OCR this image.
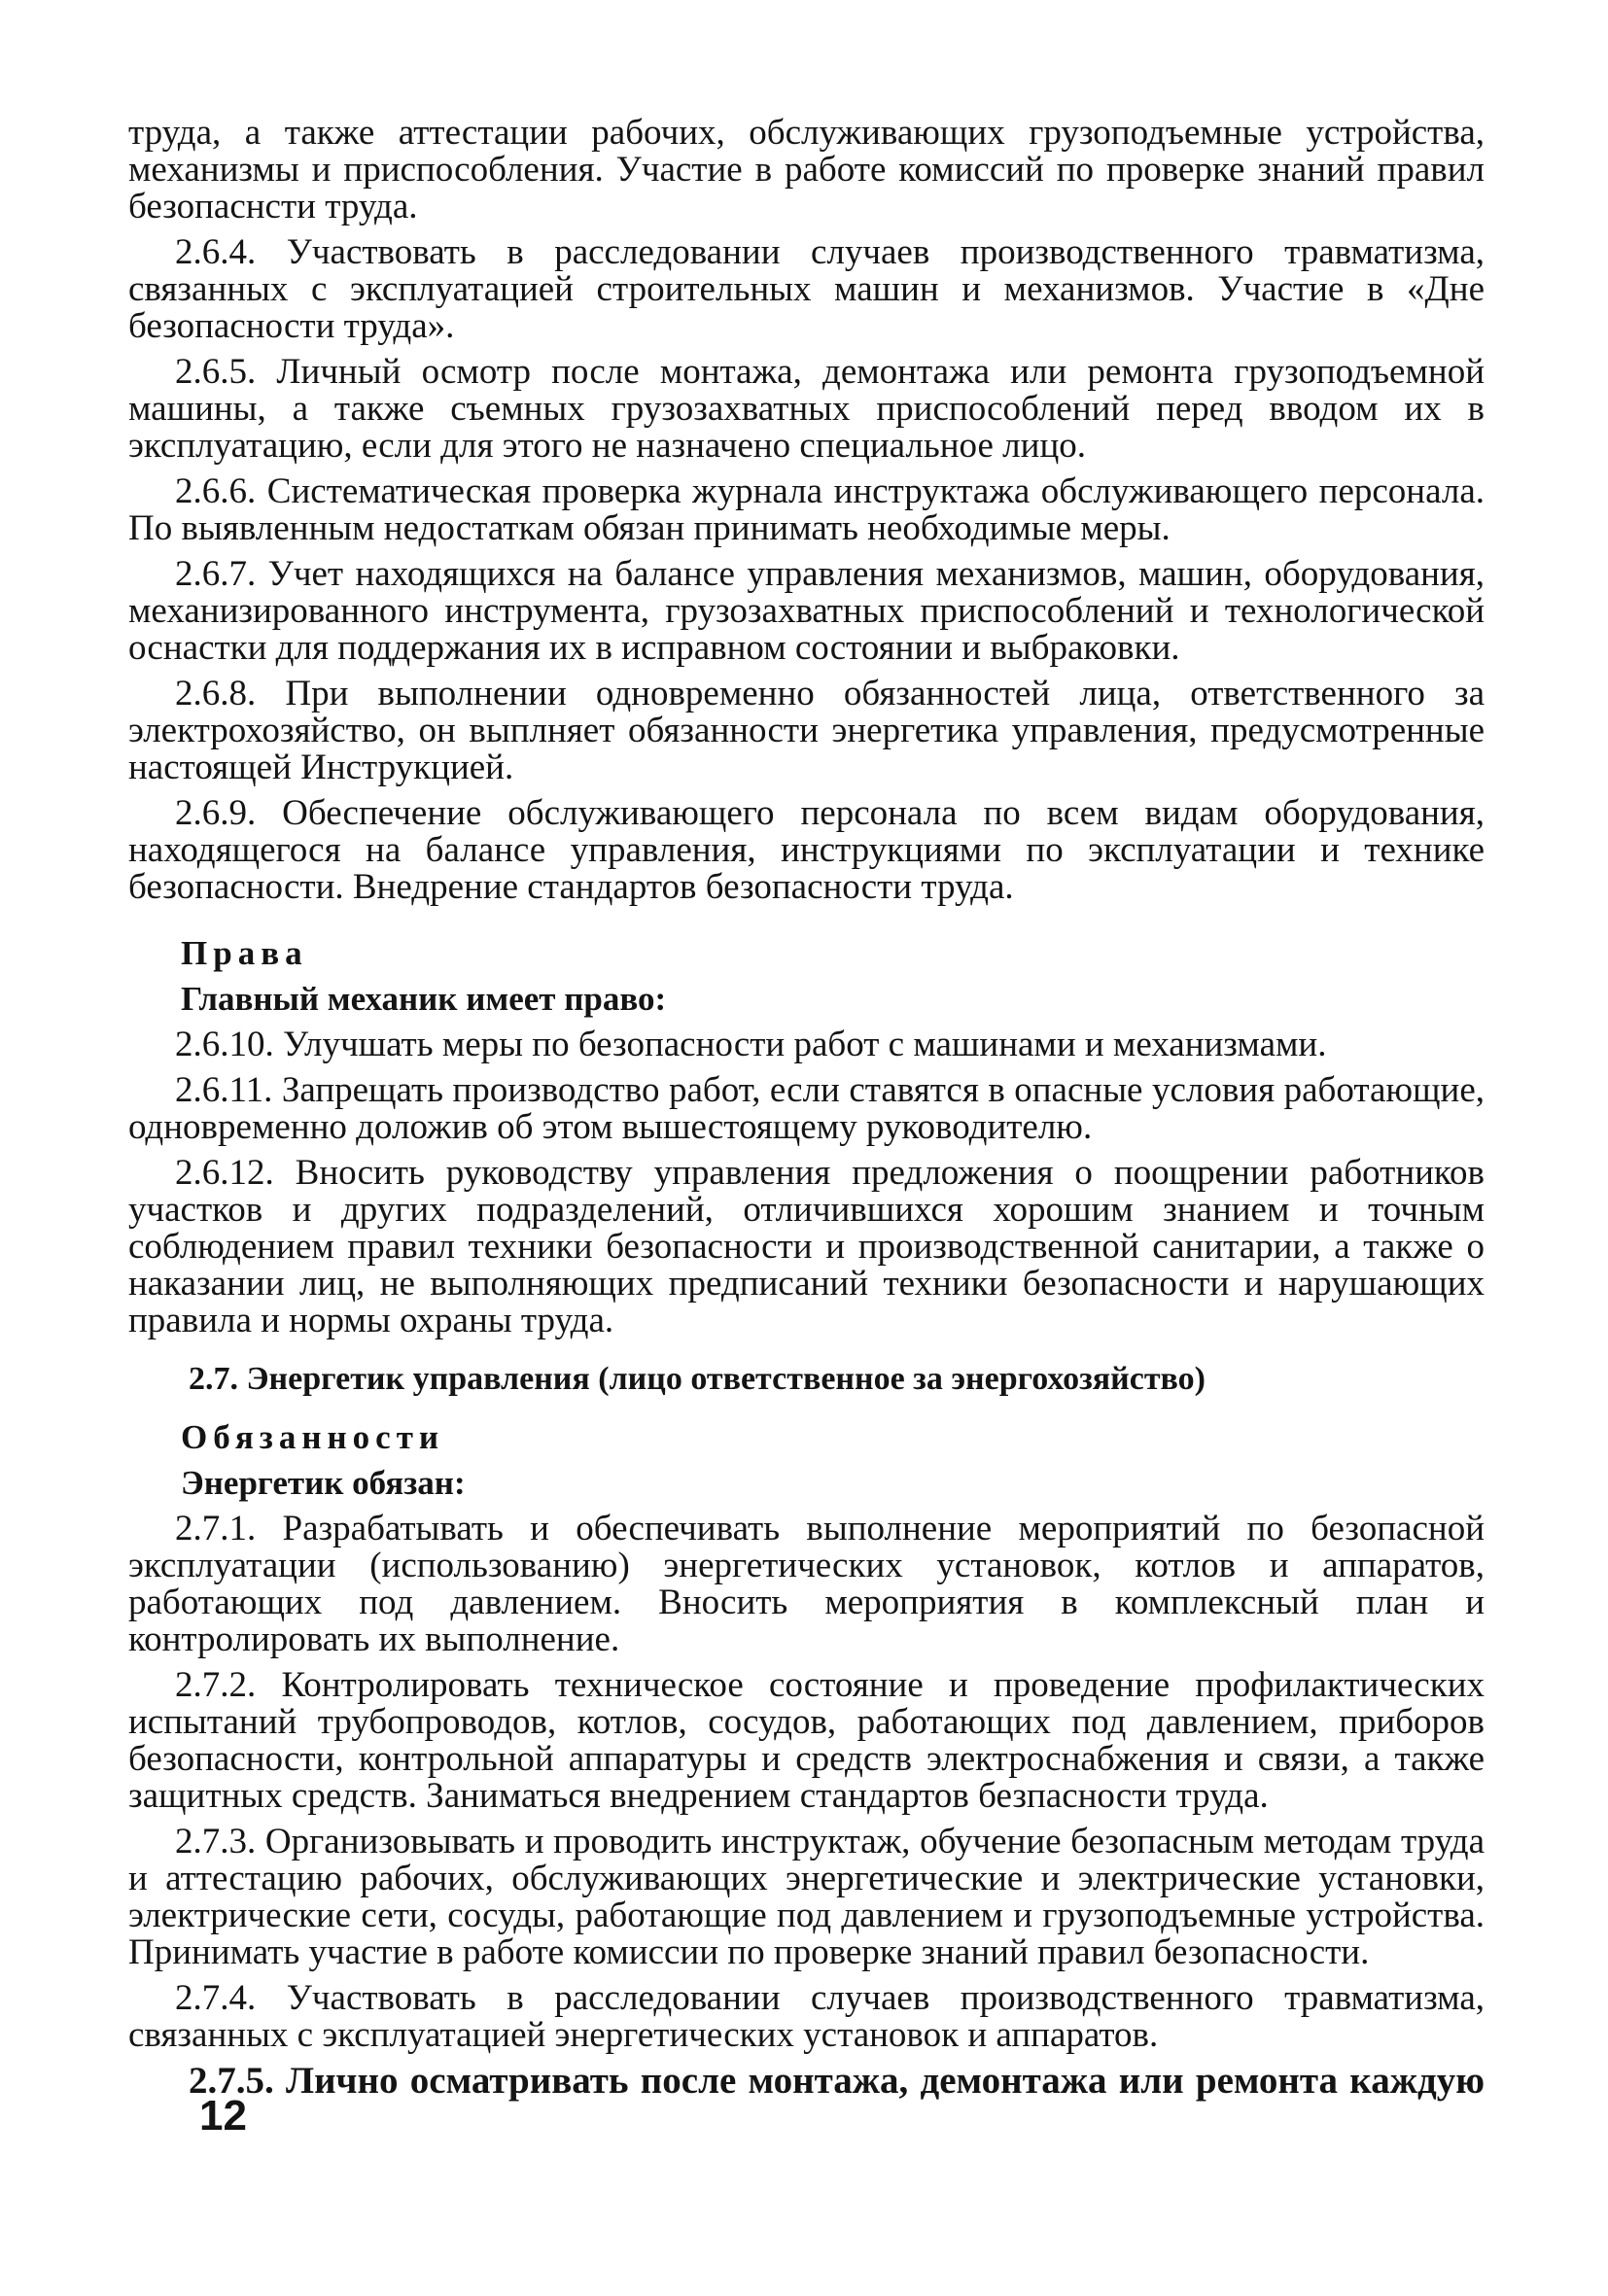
труда, а также аттестации рабочих, обслуживающих грузоподъемные устройства, механизмы и приспособления. Участие в работе комиссий по проверке знаний правил безопаснсти труда.

2.6.4. Участвовать в расследовании случаев производственного травматизма, связанных с эксплуатацией строительных машин и механизмов. Участие в «Дне безопасности труда».

2.6.5. Личный осмотр после монтажа, демонтажа или ремонта грузоподъемной машины, а также съемных грузозахватных приспособлений перед вводом их в эксплуатацию, если для этого не назначено специальное лицо.

2.6.6. Систематическая проверка журнала инструктажа обслуживающего персонала. По выявленным недостаткам обязан принимать необходимые меры.

2.6.7. Учет находящихся на балансе управления механизмов, машин, оборудования, механизированного инструмента, грузозахватных приспособлений и технологической оснастки для поддержания их в исправном состоянии и выбраковки.

2.6.8. При выполнении одновременно обязанностей лица, ответственного за электрохозяйство, он выплняет обязанности энергетика управления, предусмотренные настоящей Инструкцией.

2.6.9. Обеспечение обслуживающего персонала по всем видам оборудования, находящегося на балансе управления, инструкциями по эксплуатации и технике безопасности. Внедрение стандартов безопасности труда.

Права

Главный механик имеет право:

2.6.10. Улучшать меры по безопасности работ с машинами и механизмами.

2.6.11. Запрещать производство работ, если ставятся в опасные условия работающие, одновременно доложив об этом вышестоящему руководителю.

2.6.12. Вносить руководству управления предложения о поощрении работников участков и других подразделений, отличившихся хорошим знанием и точным соблюдением правил техники безопасности и производственной санитарии, а также о наказании лиц, не выполняющих предписаний техники безопасности и нарушающих правила и нормы охраны труда.

2.7. Энергетик управления (лицо ответственное за энергохозяйство)

Обязанности

Энергетик обязан:

2.7.1. Разрабатывать и обеспечивать выполнение мероприятий по безопасной эксплуатации (использованию) энергетических установок, котлов и аппаратов, работающих под давлением. Вносить мероприятия в комплексный план и контролировать их выполнение.

2.7.2. Контролировать техническое состояние и проведение профилактических испытаний трубопроводов, котлов, сосудов, работающих под давлением, приборов безопасности, контрольной аппаратуры и средств электроснабжения и связи, а также защитных средств. Заниматься внедрением стандартов безпасности труда.

2.7.3. Организовывать и проводить инструктаж, обучение безопасным методам труда и аттестацию рабочих, обслуживающих энергетические и электрические установки, электрические сети, сосуды, работающие под давлением и грузоподъемные устройства. Принимать участие в работе комиссии по проверке знаний правил безопасности.

2.7.4. Участвовать в расследовании случаев производственного травматизма, связанных с эксплуатацией энергетических установок и аппаратов.

2.7.5. Лично осматривать после монтажа, демонтажа или ремонта каждую

12
